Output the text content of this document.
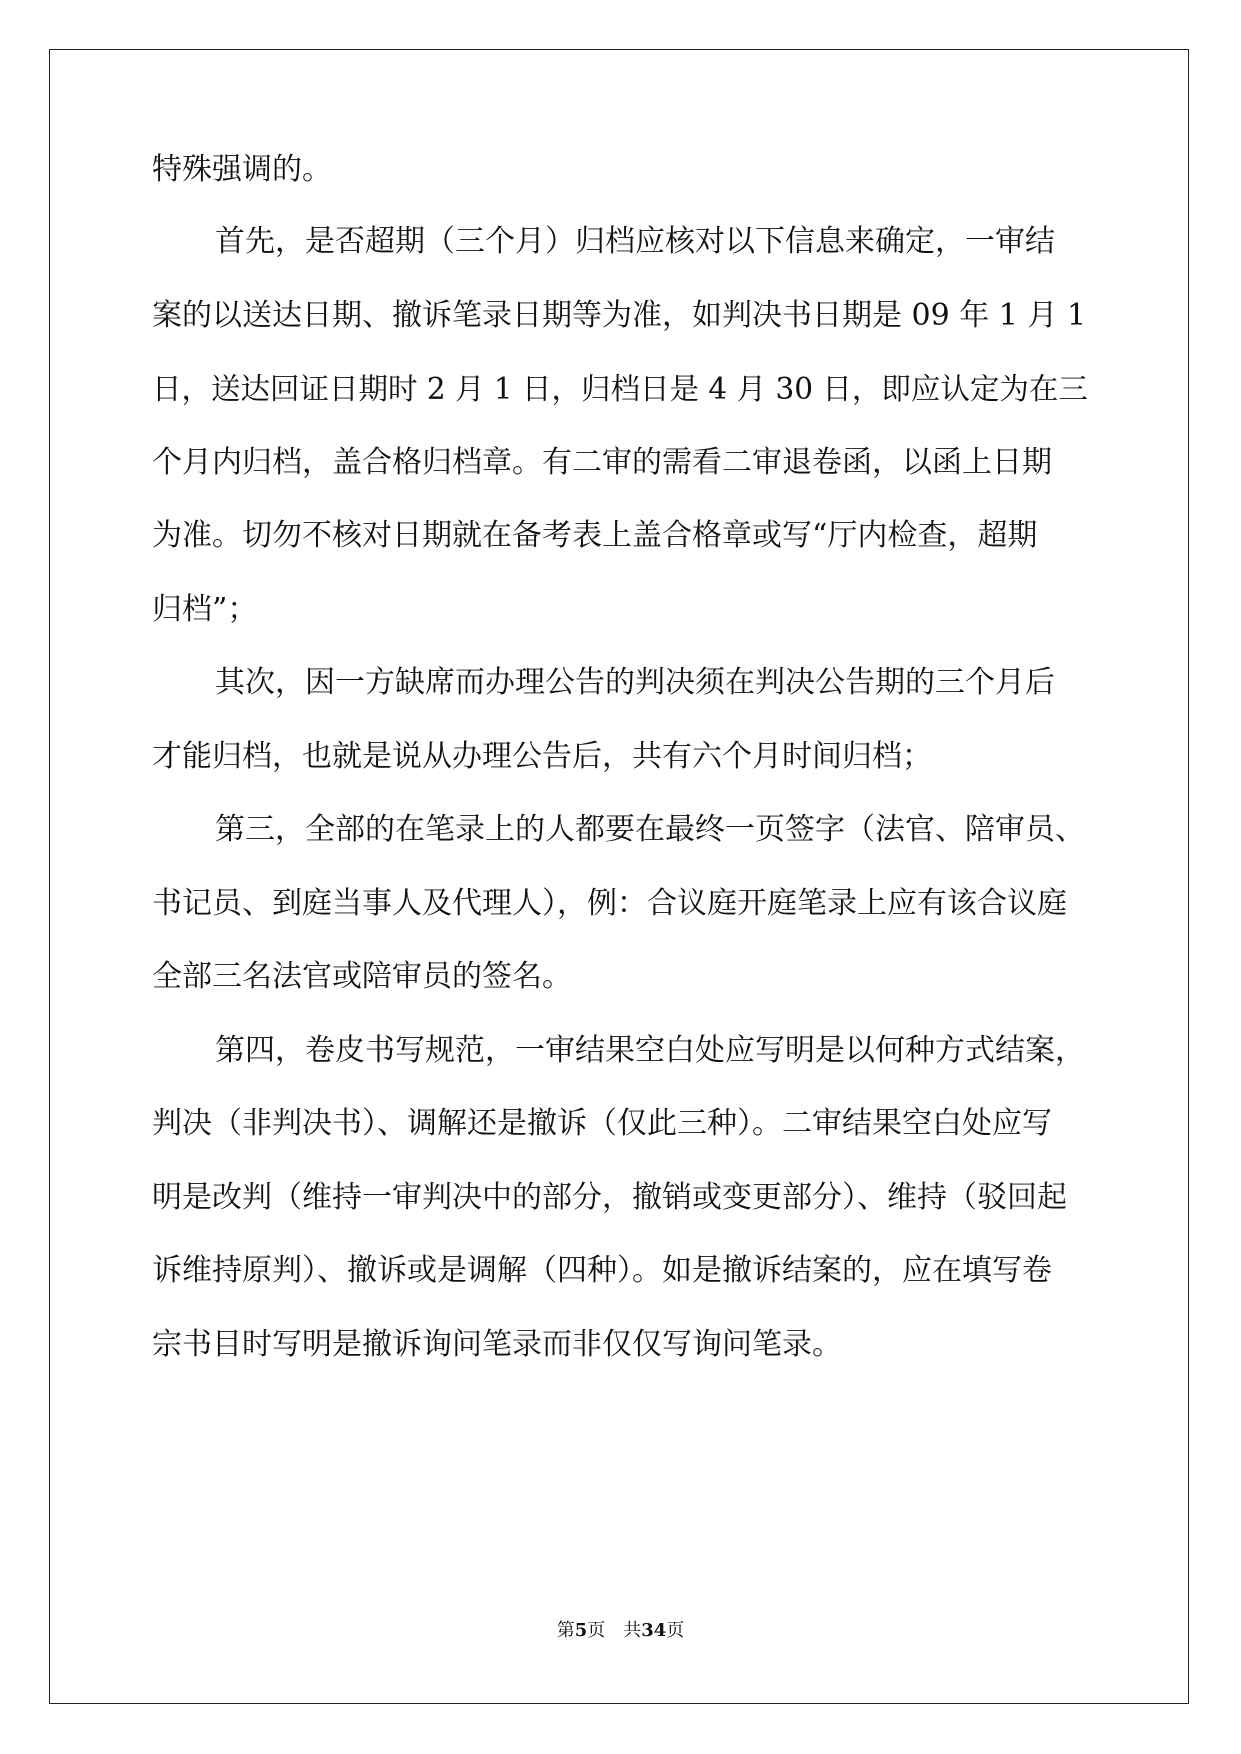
特殊强调的。
首先，是否超期（三个月）归档应核对以下信息来确定，一审结
案的以送达日期、撤诉笔录日期等为准，如判决书日期是 09 年 1 月 1
日，送达回证日期时 2 月 1 日，归档日是 4 月 30 日，即应认定为在三
个月内归档，盖合格归档章。有二审的需看二审退卷函，以函上日期
为准。切勿不核对日期就在备考表上盖合格章或写“厅内检查，超期
归档”；
其次，因一方缺席而办理公告的判决须在判决公告期的三个月后
才能归档，也就是说从办理公告后，共有六个月时间归档；
第三，全部的在笔录上的人都要在最终一页签字（法官、陪审员、
书记员、到庭当事人及代理人），例：合议庭开庭笔录上应有该合议庭
全部三名法官或陪审员的签名。
第四，卷皮书写规范，一审结果空白处应写明是以何种方式结案，
判决（非判决书）、调解还是撤诉（仅此三种）。二审结果空白处应写
明是改判（维持一审判决中的部分，撤销或变更部分）、维持（驳回起
诉维持原判）、撤诉或是调解（四种）。如是撤诉结案的，应在填写卷
宗书目时写明是撤诉询问笔录而非仅仅写询问笔录。
第5页　共34页
